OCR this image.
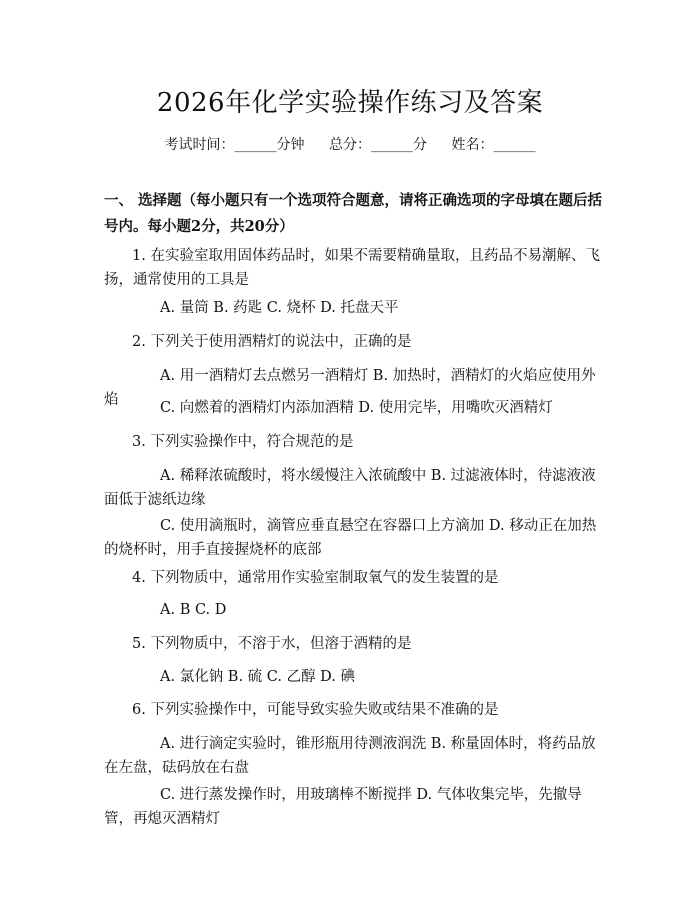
2026年化学实验操作练习及答案
考试时间：______分钟 总分：______分 姓名：______
一、 选择题（每小题只有一个选项符合题意，请将正确选项的字母填在题后括号内。每小题2分，共20分）
1. 在实验室取用固体药品时，如果不需要精确量取，且药品不易潮解、飞扬，通常使用的工具是
A. 量筒 B. 药匙 C. 烧杯 D. 托盘天平
2. 下列关于使用酒精灯的说法中，正确的是
A. 用一酒精灯去点燃另一酒精灯 B. 加热时，酒精灯的火焰应使用外焰	C. 向燃着的酒精灯内添加酒精 D. 使用完毕，用嘴吹灭酒精灯
3. 下列实验操作中，符合规范的是
A. 稀释浓硫酸时，将水缓慢注入浓硫酸中 B. 过滤液体时，待滤液液面低于滤纸边缘
C. 使用滴瓶时，滴管应垂直悬空在容器口上方滴加 D. 移动正在加热的烧杯时，用手直接握烧杯的底部
4. 下列物质中，通常用作实验室制取氧气的发生装置的是
A. B C. D
5. 下列物质中，不溶于水，但溶于酒精的是
A. 氯化钠 B. 硫 C. 乙醇 D. 碘
6. 下列实验操作中，可能导致实验失败或结果不准确的是
A. 进行滴定实验时，锥形瓶用待测液润洗 B. 称量固体时，将药品放在左盘，砝码放在右盘
C. 进行蒸发操作时，用玻璃棒不断搅拌 D. 气体收集完毕，先撤导管，再熄灭酒精灯
